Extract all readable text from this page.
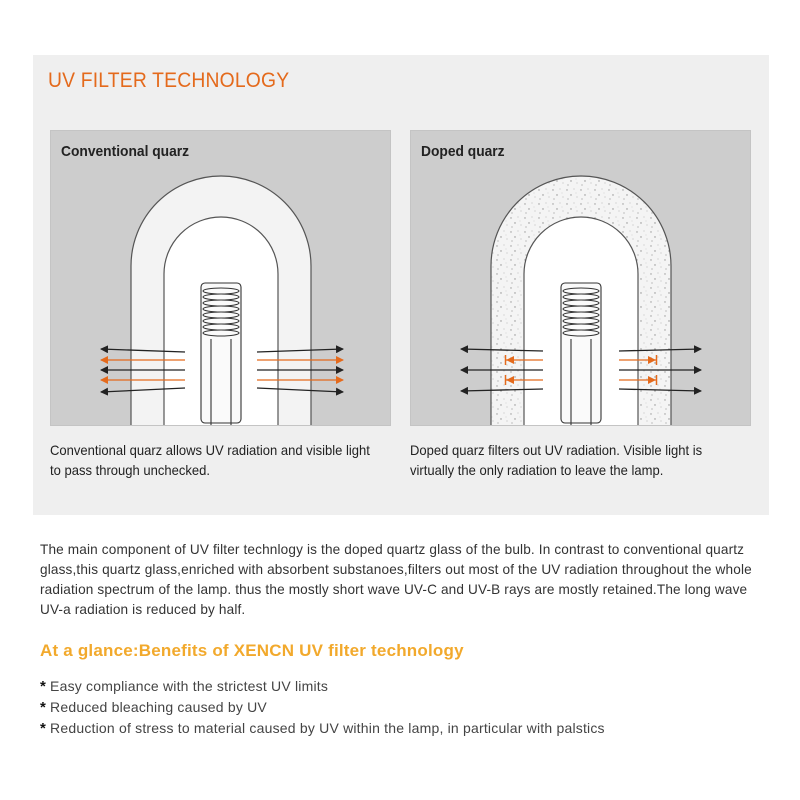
UV FILTER TECHNOLOGY
Conventional quarz
Conventional quarz allows UV radiation and visible light to pass through unchecked.
Doped quarz
Doped quarz filters out UV radiation. Visible light is virtually the only radiation to leave the lamp.
The main component of UV filter technlogy is the doped quartz glass of the bulb. In contrast to conventional quartz glass,this quartz glass,enriched with absorbent substanoes,filters out most of the UV radiation throughout the whole radiation spectrum of the lamp. thus the mostly short wave UV-C and UV-B rays are mostly retained.The long wave UV-a radiation is reduced by half.
At a glance:Benefits of XENCN UV filter technology
* Easy compliance with the strictest UV limits
* Reduced bleaching caused by UV
* Reduction of stress to material caused by UV within the lamp, in particular with palstics
